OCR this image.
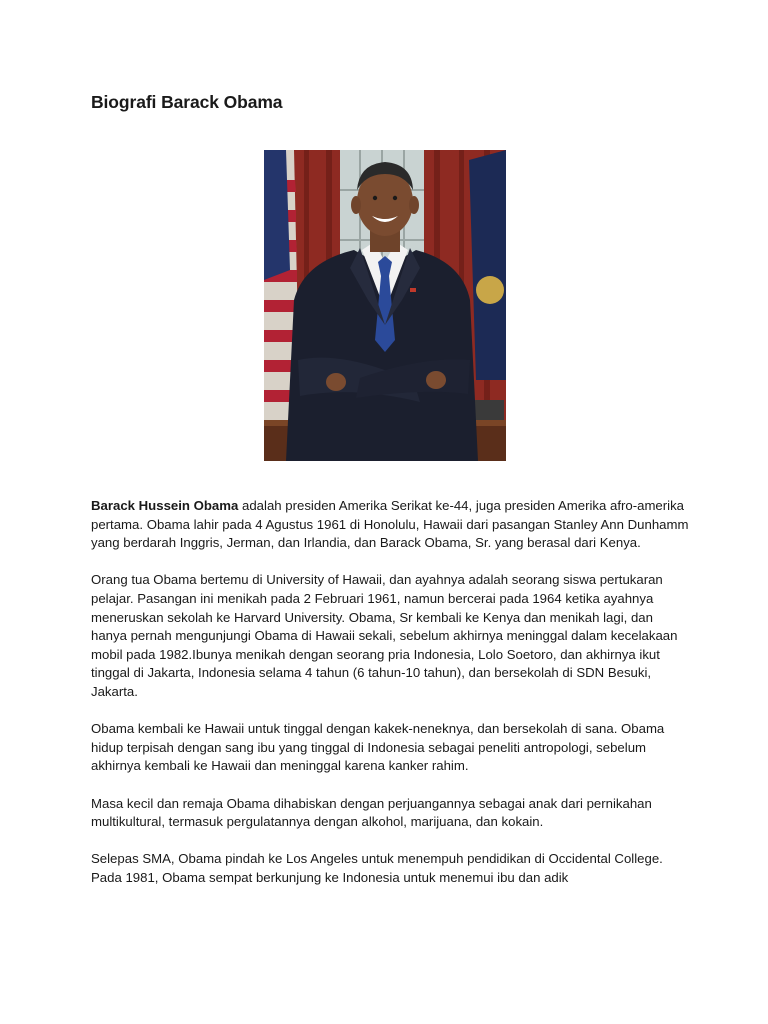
Biografi Barack Obama

Barack Hussein Obama adalah presiden Amerika Serikat ke-44, juga presiden Amerika afro-amerika pertama. Obama lahir pada 4 Agustus 1961 di Honolulu, Hawaii dari pasangan Stanley Ann Dunhamm yang berdarah Inggris, Jerman, dan Irlandia, dan Barack Obama, Sr. yang berasal dari Kenya.

Orang tua Obama bertemu di University of Hawaii, dan ayahnya adalah seorang siswa pertukaran pelajar. Pasangan ini menikah pada 2 Februari 1961, namun bercerai pada 1964 ketika ayahnya meneruskan sekolah ke Harvard University. Obama, Sr kembali ke Kenya dan menikah lagi, dan hanya pernah mengunjungi Obama di Hawaii sekali, sebelum akhirnya meninggal dalam kecelakaan mobil pada 1982.Ibunya menikah dengan seorang pria Indonesia, Lolo Soetoro, dan akhirnya ikut tinggal di Jakarta, Indonesia selama 4 tahun (6 tahun-10 tahun), dan bersekolah di SDN Besuki, Jakarta.

Obama kembali ke Hawaii untuk tinggal dengan kakek-neneknya, dan bersekolah di sana. Obama hidup terpisah dengan sang ibu yang tinggal di Indonesia sebagai peneliti antropologi, sebelum akhirnya kembali ke Hawaii dan meninggal karena kanker rahim.

Masa kecil dan remaja Obama dihabiskan dengan perjuangannya sebagai anak dari pernikahan multikultural, termasuk pergulatannya dengan alkohol, marijuana, dan kokain.

Selepas SMA, Obama pindah ke Los Angeles untuk menempuh pendidikan di Occidental College. Pada 1981, Obama sempat berkunjung ke Indonesia untuk menemui ibu dan adik
